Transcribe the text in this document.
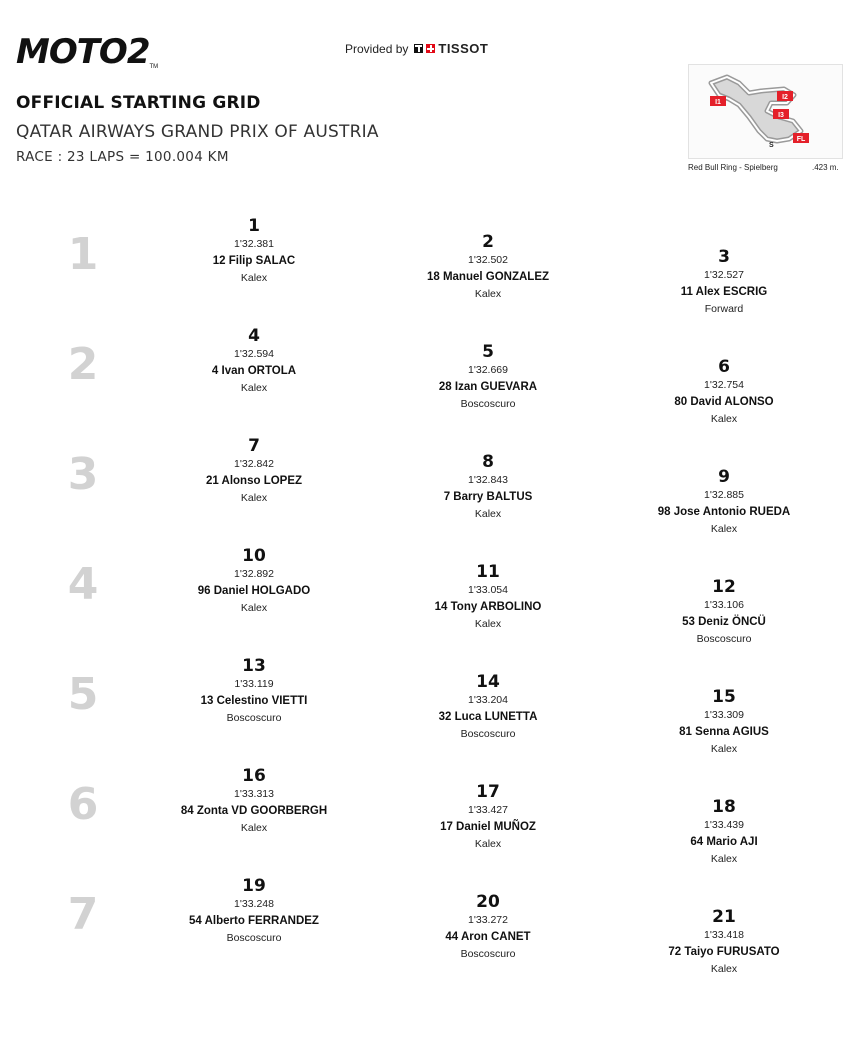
MOTO2TM
Provided by TISSOT
OFFICIAL STARTING GRID
QATAR AIRWAYS GRAND PRIX OF AUSTRIA
RACE : 23 LAPS = 100.004 KM
I1
I2
I3
FL
S
Red Bull Ring - Spielberg	.423 m.
1
2
3
4
5
6
7
1
1'32.381
12 Filip SALAC
Kalex
2
1'32.502
18 Manuel GONZALEZ
Kalex
3
1'32.527
11 Alex ESCRIG
Forward
4
1'32.594
4 Ivan ORTOLA
Kalex
5
1'32.669
28 Izan GUEVARA
Boscoscuro
6
1'32.754
80 David ALONSO
Kalex
7
1'32.842
21 Alonso LOPEZ
Kalex
8
1'32.843
7 Barry BALTUS
Kalex
9
1'32.885
98 Jose Antonio RUEDA
Kalex
10
1'32.892
96 Daniel HOLGADO
Kalex
11
1'33.054
14 Tony ARBOLINO
Kalex
12
1'33.106
53 Deniz ÖNCÜ
Boscoscuro
13
1'33.119
13 Celestino VIETTI
Boscoscuro
14
1'33.204
32 Luca LUNETTA
Boscoscuro
15
1'33.309
81 Senna AGIUS
Kalex
16
1'33.313
84 Zonta VD GOORBERGH
Kalex
17
1'33.427
17 Daniel MUÑOZ
Kalex
18
1'33.439
64 Mario AJI
Kalex
19
1'33.248
54 Alberto FERRANDEZ
Boscoscuro
20
1'33.272
44 Aron CANET
Boscoscuro
21
1'33.418
72 Taiyo FURUSATO
Kalex
